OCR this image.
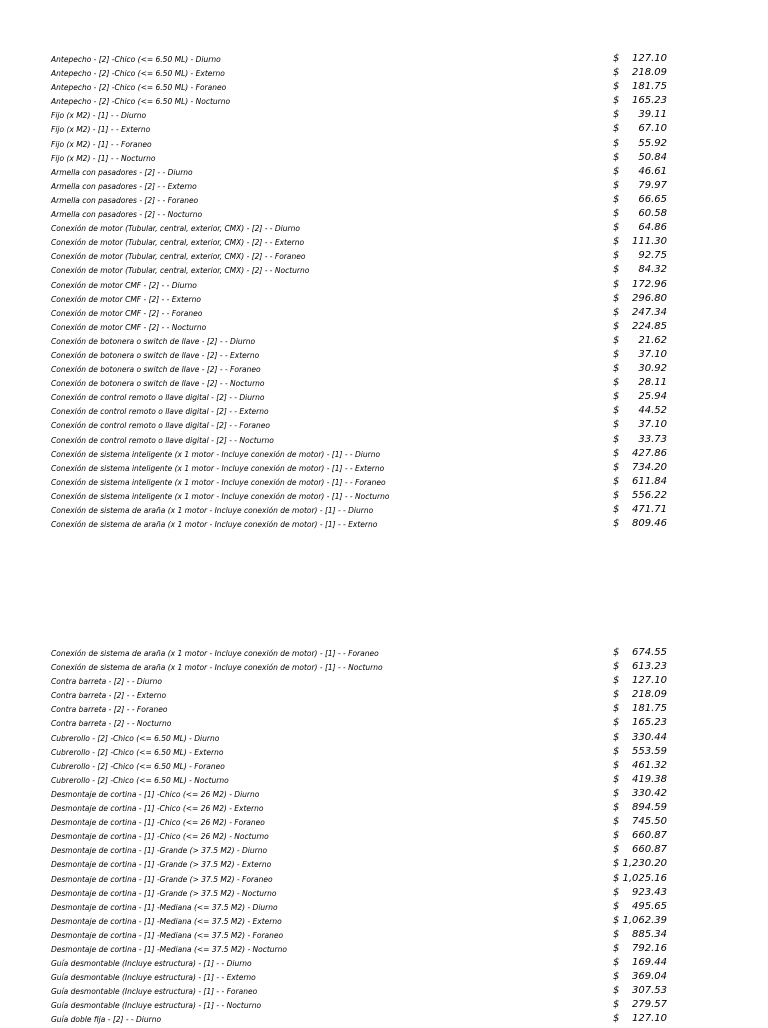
Antepecho - [2] -Chico (<= 6.50 ML) - Diurno	$ 127.10
Antepecho - [2] -Chico (<= 6.50 ML) - Externo	$ 218.09
Antepecho - [2] -Chico (<= 6.50 ML) - Foraneo	$ 181.75
Antepecho - [2] -Chico (<= 6.50 ML) - Nocturno	$ 165.23
Fijo (x M2) - [1] - - Diurno	$ 39.11
Fijo (x M2) - [1] - - Externo	$ 67.10
Fijo (x M2) - [1] - - Foraneo	$ 55.92
Fijo (x M2) - [1] - - Nocturno	$ 50.84
Armella con pasadores - [2] - - Diurno	$ 46.61
Armella con pasadores - [2] - - Externo	$ 79.97
Armella con pasadores - [2] - - Foraneo	$ 66.65
Armella con pasadores - [2] - - Nocturno	$ 60.58
Conexión de motor (Tubular, central, exterior, CMX) - [2] - - Diurno	$ 64.86
Conexión de motor (Tubular, central, exterior, CMX) - [2] - - Externo	$ 111.30
Conexión de motor (Tubular, central, exterior, CMX) - [2] - - Foraneo	$ 92.75
Conexión de motor (Tubular, central, exterior, CMX) - [2] - - Nocturno	$ 84.32
Conexión de motor CMF - [2] - - Diurno	$ 172.96
Conexión de motor CMF - [2] - - Externo	$ 296.80
Conexión de motor CMF - [2] - - Foraneo	$ 247.34
Conexión de motor CMF - [2] - - Nocturno	$ 224.85
Conexión de botonera o switch de llave - [2] - - Diurno	$ 21.62
Conexión de botonera o switch de llave - [2] - - Externo	$ 37.10
Conexión de botonera o switch de llave - [2] - - Foraneo	$ 30.92
Conexión de botonera o switch de llave - [2] - - Nocturno	$ 28.11
Conexión de control remoto o llave digital - [2] - - Diurno	$ 25.94
Conexión de control remoto o llave digital - [2] - - Externo	$ 44.52
Conexión de control remoto o llave digital - [2] - - Foraneo	$ 37.10
Conexión de control remoto o llave digital - [2] - - Nocturno	$ 33.73
Conexión de sistema inteligente (x 1 motor - Incluye conexión de motor) - [1] - - Diurno	$ 427.86
Conexión de sistema inteligente (x 1 motor - Incluye conexión de motor) - [1] - - Externo	$ 734.20
Conexión de sistema inteligente (x 1 motor - Incluye conexión de motor) - [1] - - Foraneo	$ 611.84
Conexión de sistema inteligente (x 1 motor - Incluye conexión de motor) - [1] - - Nocturno	$ 556.22
Conexión de sistema de araña (x 1 motor - Incluye conexión de motor) - [1] - - Diurno	$ 471.71
Conexión de sistema de araña (x 1 motor - Incluye conexión de motor) - [1] - - Externo	$ 809.46
Conexión de sistema de araña (x 1 motor - Incluye conexión de motor) - [1] - - Foraneo	$ 674.55
Conexión de sistema de araña (x 1 motor - Incluye conexión de motor) - [1] - - Nocturno	$ 613.23
Contra barreta - [2] - - Diurno	$ 127.10
Contra barreta - [2] - - Externo	$ 218.09
Contra barreta - [2] - - Foraneo	$ 181.75
Contra barreta - [2] - - Nocturno	$ 165.23
Cubrerollo - [2] -Chico (<= 6.50 ML) - Diurno	$ 330.44
Cubrerollo - [2] -Chico (<= 6.50 ML) - Externo	$ 553.59
Cubrerollo - [2] -Chico (<= 6.50 ML) - Foraneo	$ 461.32
Cubrerollo - [2] -Chico (<= 6.50 ML) - Nocturno	$ 419.38
Desmontaje de cortina - [1] -Chico (<= 26 M2) - Diurno	$ 330.42
Desmontaje de cortina - [1] -Chico (<= 26 M2) - Externo	$ 894.59
Desmontaje de cortina - [1] -Chico (<= 26 M2) - Foraneo	$ 745.50
Desmontaje de cortina - [1] -Chico (<= 26 M2) - Nocturno	$ 660.87
Desmontaje de cortina - [1] -Grande (> 37.5 M2) - Diurno	$ 660.87
Desmontaje de cortina - [1] -Grande (> 37.5 M2) - Externo	$ 1,230.20
Desmontaje de cortina - [1] -Grande (> 37.5 M2) - Foraneo	$ 1,025.16
Desmontaje de cortina - [1] -Grande (> 37.5 M2) - Nocturno	$ 923.43
Desmontaje de cortina - [1] -Mediana (<= 37.5 M2) - Diurno	$ 495.65
Desmontaje de cortina - [1] -Mediana (<= 37.5 M2) - Externo	$ 1,062.39
Desmontaje de cortina - [1] -Mediana (<= 37.5 M2) - Foraneo	$ 885.34
Desmontaje de cortina - [1] -Mediana (<= 37.5 M2) - Nocturno	$ 792.16
Guía desmontable (Incluye estructura) - [1] - - Diurno	$ 169.44
Guía desmontable (Incluye estructura) - [1] - - Externo	$ 369.04
Guía desmontable (Incluye estructura) - [1] - - Foraneo	$ 307.53
Guía desmontable (Incluye estructura) - [1] - - Nocturno	$ 279.57
Guía doble fija - [2] - - Diurno	$ 127.10
